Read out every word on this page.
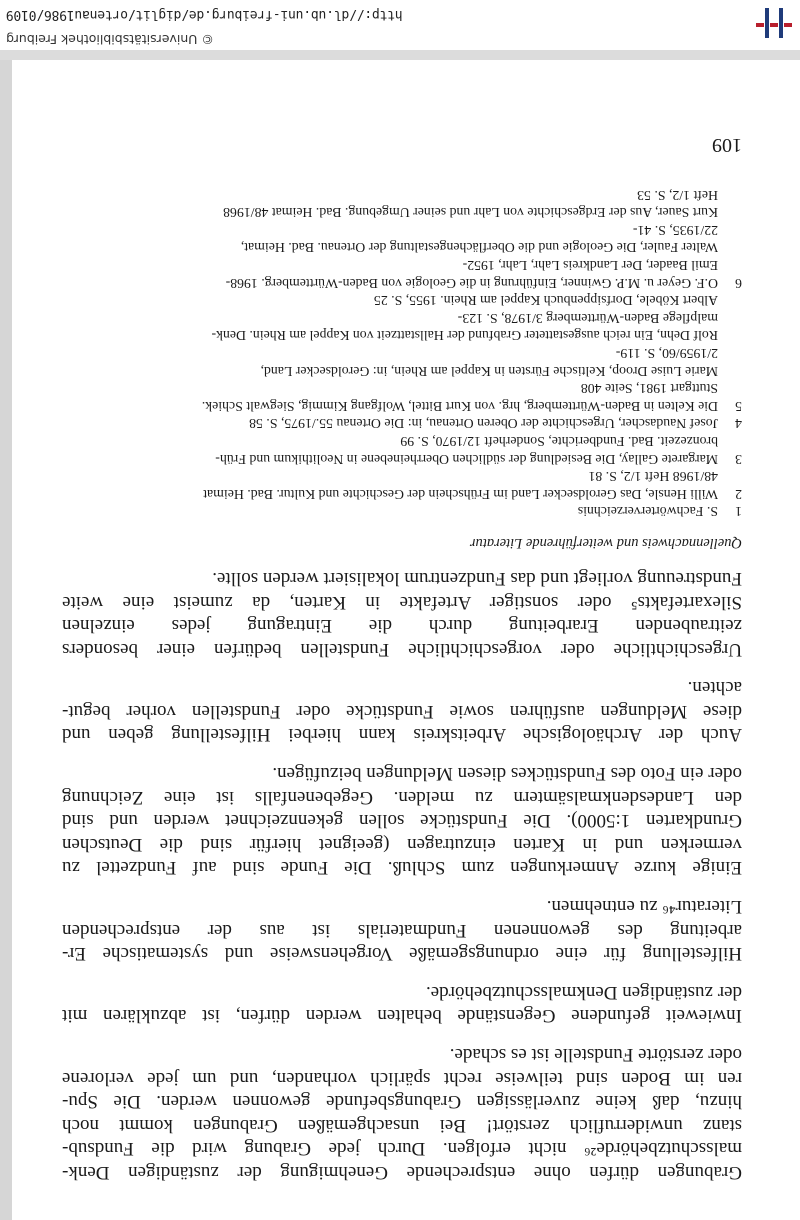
Grabungen dürfen ohne entsprechende Genehmigung der zuständigen Denk-
malsschutzbehörde²⁶ nicht erfolgen. Durch jede Grabung wird die Fundsub-
stanz unwiderruflich zerstört! Bei unsachgemäßen Grabungen kommt noch
hinzu, daß keine zuverlässigen Grabungsbefunde gewonnen werden. Die Spu-
ren im Boden sind teilweise recht spärlich vorhanden, und um jede verlorene
oder zerstörte Fundstelle ist es schade.
Inwieweit gefundene Gegenstände behalten werden dürfen, ist abzuklären mit
der zuständigen Denkmalsschutzbehörde.
Hilfestellung für eine ordnungsgemäße Vorgehensweise und systematische Er-
arbeitung des gewonnenen Fundmaterials ist aus der entsprechenden
Literatur⁴⁶ zu entnehmen.
Einige kurze Anmerkungen zum Schluß. Die Funde sind auf Fundzettel zu
vermerken und in Karten einzutragen (geeignet hierfür sind die Deutschen
Grundkarten 1:5000). Die Fundstücke sollen gekennzeichnet werden und sind
den Landesdenkmalsämtern zu melden. Gegebenenfalls ist eine Zeichnung
oder ein Foto des Fundstückes diesen Meldungen beizufügen.
Auch der Archäologische Arbeitskreis kann hierbei Hilfestellung geben und
diese Meldungen ausführen sowie Fundstücke oder Fundstellen vorher begut-
achten.
Urgeschichtliche oder vorgeschichtliche Fundstellen bedürfen einer besonders
zeitraubenden Erarbeitung durch die Eintragung jedes einzelnen
Silexartefakts⁵ oder sonstiger Artefakte in Karten, da zumeist eine weite
Fundstreuung vorliegt und das Fundzentrum lokalisiert werden sollte.
Quellennachweis und weiterführende Literatur
1
S. Fachwörterverzeichnis
2
Willi Hensle, Das Geroldsecker Land im Frühschein der Geschichte und Kultur. Bad. Heimat
48/1968 Heft 1/2, S. 81
3
Margarete Gallay, Die Besiedlung der südlichen Oberrheinebene in Neolithikum und Früh-
bronzezeit. Bad. Fundberichte, Sonderheft 12/1970, S. 99
4
Josef Naudascher, Urgeschichte der Oberen Ortenau, in: Die Ortenau 55./1975, S. 58
5
Die Kelten in Baden-Württemberg, hrg. von Kurt Bittel, Wolfgang Kimmig, Siegwalt Schiek.
Stuttgart 1981, Seite 408
Marie Luise Droop, Keltische Fürsten in Kappel am Rhein, in: Geroldsecker Land,
2/1959/60, S. 119-
Rolf Dehn, Ein reich ausgestatteter Grabfund der Hallstattzeit von Kappel am Rhein. Denk-
malpflege Baden-Württemberg 3/1978, S. 123-
Albert Köbele, Dorfsippenbuch Kappel am Rhein. 1955, S. 25
6
O.F. Geyer u. M.P. Gwinner, Einführung in die Geologie von Baden-Württemberg. 1968-
Emil Baader, Der Landkreis Lahr, Lahr, 1952-
Walter Fauler, Die Geologie und die Oberflächengestaltung der Ortenau. Bad. Heimat,
22/1935, S. 41-
Kurt Sauer, Aus der Erdgeschichte von Lahr und seiner Umgebung. Bad. Heimat 48/1968
Heft 1/2, S. 53
109
© Universitätsbibliothek Freiburg
http://dl.ub.uni-freiburg.de/diglit/ortenau1986/0109
